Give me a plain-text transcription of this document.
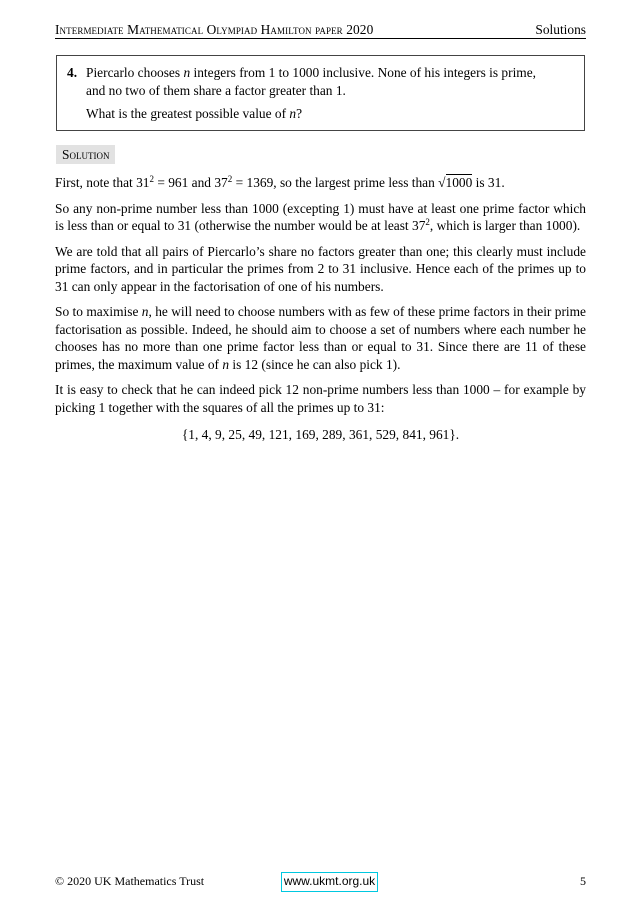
Intermediate Mathematical Olympiad Hamilton paper 2020	Solutions
4. Piercarlo chooses n integers from 1 to 1000 inclusive. None of his integers is prime,
and no two of them share a factor greater than 1.
What is the greatest possible value of n?
Solution

First, note that $31^2 = 961$ and $37^2 = 1369$, so the largest prime less than √1000 is 31.

So any non-prime number less than 1000 (excepting 1) must have at least one prime factor which is less than or equal to 31 (otherwise the number would be at least $37^2$, which is larger than 1000).

We are told that all pairs of Piercarlo’s share no factors greater than one; this clearly must include prime factors, and in particular the primes from 2 to 31 inclusive. Hence each of the primes up to 31 can only appear in the factorisation of one of his numbers.

So to maximise n, he will need to choose numbers with as few of these prime factors in their prime factorisation as possible. Indeed, he should aim to choose a set of numbers where each number he chooses has no more than one prime factor less than or equal to 31. Since there are 11 of these primes, the maximum value of n is 12 (since he can also pick 1).

It is easy to check that he can indeed pick 12 non-prime numbers less than 1000 – for example by picking 1 together with the squares of all the primes up to 31:

{1, 4, 9, 25, 49, 121, 169, 289, 361, 529, 841, 961}.

© 2020 UK Mathematics Trust	www.ukmt.org.uk	5
